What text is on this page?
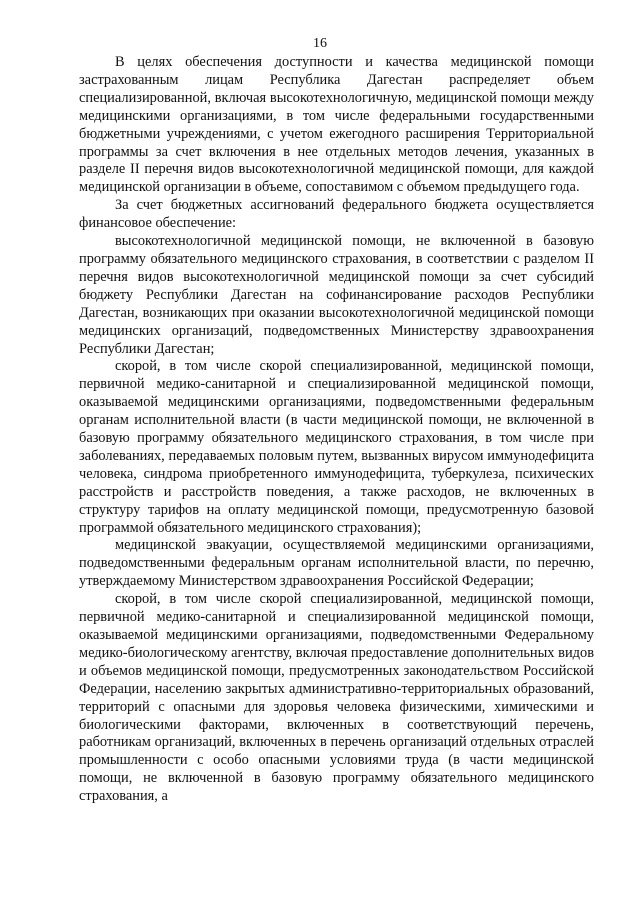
16

В целях обеспечения доступности и качества медицинской помощи застрахованным лицам Республика Дагестан распределяет объем специализированной, включая высокотехнологичную, медицинской помощи между медицинскими организациями, в том числе федеральными государственными бюджетными учреждениями, с учетом ежегодного расширения Территориальной программы за счет включения в нее отдельных методов лечения, указанных в разделе II перечня видов высокотехнологичной медицинской помощи, для каждой медицинской организации в объеме, сопоставимом с объемом предыдущего года.

За счет бюджетных ассигнований федерального бюджета осуществляется финансовое обеспечение:

высокотехнологичной медицинской помощи, не включенной в базовую программу обязательного медицинского страхования, в соответствии с разделом II перечня видов высокотехнологичной медицинской помощи за счет субсидий бюджету Республики Дагестан на софинансирование расходов Республики Дагестан, возникающих при оказании высокотехнологичной медицинской помощи медицинских организаций, подведомственных Министерству здравоохранения Республики Дагестан;

скорой, в том числе скорой специализированной, медицинской помощи, первичной медико-санитарной и специализированной медицинской помощи, оказываемой медицинскими организациями, подведомственными федеральным органам исполнительной власти (в части медицинской помощи, не включенной в базовую программу обязательного медицинского страхования, в том числе при заболеваниях, передаваемых половым путем, вызванных вирусом иммунодефицита человека, синдрома приобретенного иммунодефицита, туберкулеза, психических расстройств и расстройств поведения, а также расходов, не включенных в структуру тарифов на оплату медицинской помощи, предусмотренную базовой программой обязательного медицинского страхования);

медицинской эвакуации, осуществляемой медицинскими организациями, подведомственными федеральным органам исполнительной власти, по перечню, утверждаемому Министерством здравоохранения Российской Федерации;

скорой, в том числе скорой специализированной, медицинской помощи, первичной медико-санитарной и специализированной медицинской помощи, оказываемой медицинскими организациями, подведомственными Федеральному медико-биологическому агентству, включая предоставление дополнительных видов и объемов медицинской помощи, предусмотренных законодательством Российской Федерации, населению закрытых административно-территориальных образований, территорий с опасными для здоровья человека физическими, химическими и биологическими факторами, включенных в соответствующий перечень, работникам организаций, включенных в перечень организаций отдельных отраслей промышленности с особо опасными условиями труда (в части медицинской помощи, не включенной в базовую программу обязательного медицинского страхования, а
